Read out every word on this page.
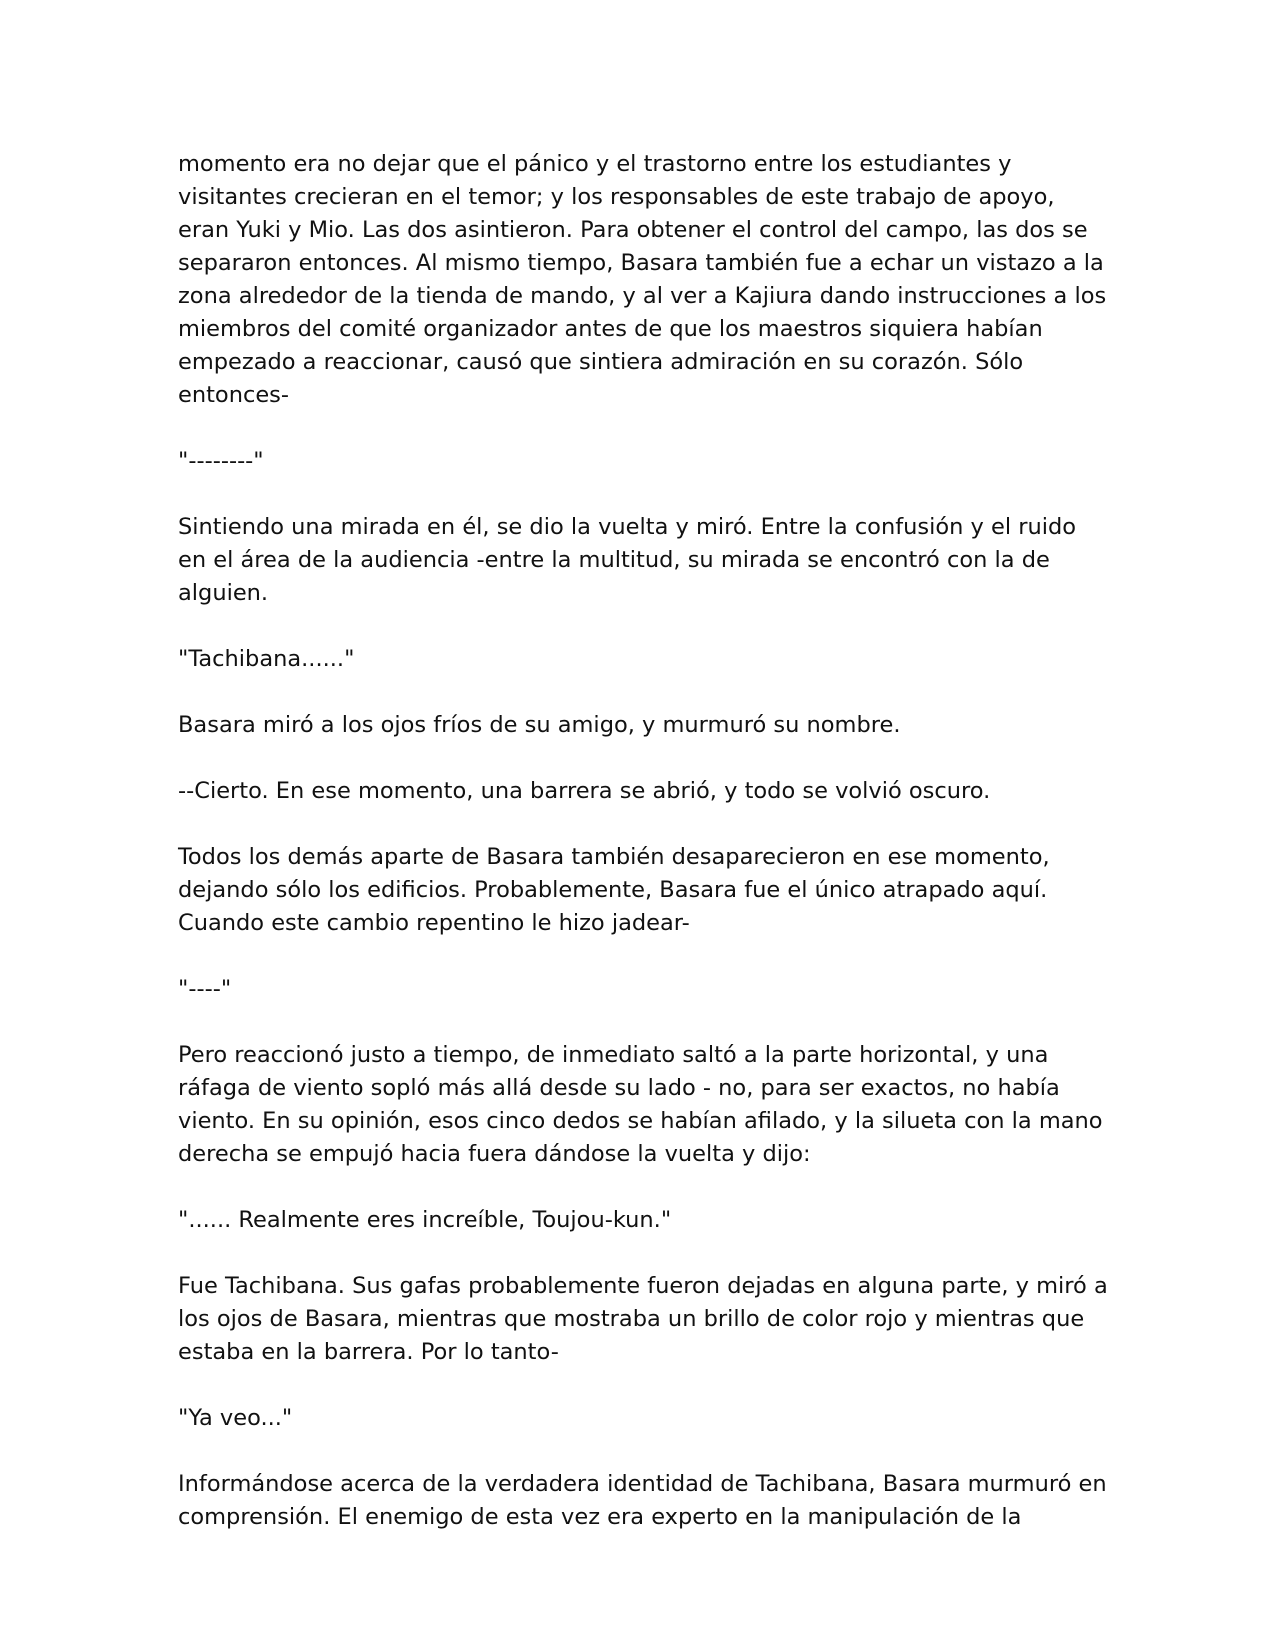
momento era no dejar que el pánico y el trastorno entre los estudiantes y visitantes crecieran en el temor; y los responsables de este trabajo de apoyo, eran Yuki y Mio. Las dos asintieron. Para obtener el control del campo, las dos se separaron entonces. Al mismo tiempo, Basara también fue a echar un vistazo a la zona alrededor de la tienda de mando, y al ver a Kajiura dando instrucciones a los miembros del comité organizador antes de que los maestros siquiera habían empezado a reaccionar, causó que sintiera admiración en su corazón. Sólo entonces-

"--------"

Sintiendo una mirada en él, se dio la vuelta y miró. Entre la confusión y el ruido en el área de la audiencia -entre la multitud, su mirada se encontró con la de alguien.

"Tachibana......"

Basara miró a los ojos fríos de su amigo, y murmuró su nombre.

--Cierto. En ese momento, una barrera se abrió, y todo se volvió oscuro.

Todos los demás aparte de Basara también desaparecieron en ese momento, dejando sólo los edificios. Probablemente, Basara fue el único atrapado aquí. Cuando este cambio repentino le hizo jadear-

"----"

Pero reaccionó justo a tiempo, de inmediato saltó a la parte horizontal, y una ráfaga de viento sopló más allá desde su lado - no, para ser exactos, no había viento. En su opinión, esos cinco dedos se habían afilado, y la silueta con la mano derecha se empujó hacia fuera dándose la vuelta y dijo:

"...... Realmente eres increíble, Toujou-kun."

Fue Tachibana. Sus gafas probablemente fueron dejadas en alguna parte, y miró a los ojos de Basara, mientras que mostraba un brillo de color rojo y mientras que estaba en la barrera. Por lo tanto-

"Ya veo..."

Informándose acerca de la verdadera identidad de Tachibana, Basara murmuró en comprensión. El enemigo de esta vez era experto en la manipulación de la
